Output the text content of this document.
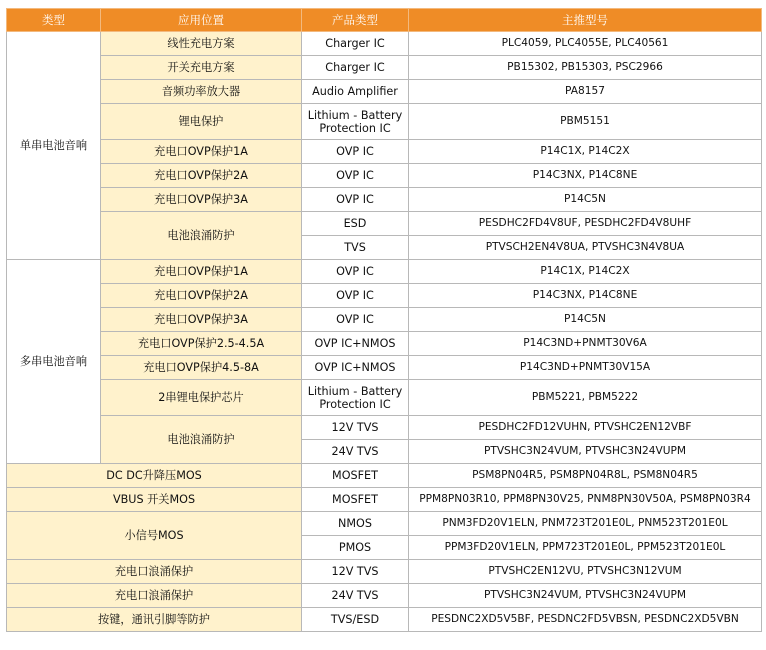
类型	应用位置	产品类型	主推型号
单串电池音响	线性充电方案	Charger IC	PLC4059, PLC4055E, PLC40561
	开关充电方案	Charger IC	PB15302, PB15303, PSC2966
	音频功率放大器	Audio Amplifier	PA8157
	锂电保护	Lithium - Battery Protection IC	PBM5151
	充电口OVP保护1A	OVP IC	P14C1X, P14C2X
	充电口OVP保护2A	OVP IC	P14C3NX, P14C8NE
	充电口OVP保护3A	OVP IC	P14C5N
	电池浪涌防护	ESD	PESDHC2FD4V8UF, PESDHC2FD4V8UHF
		TVS	PTVSCH2EN4V8UA, PTVSHC3N4V8UA
多串电池音响	充电口OVP保护1A	OVP IC	P14C1X, P14C2X
	充电口OVP保护2A	OVP IC	P14C3NX, P14C8NE
	充电口OVP保护3A	OVP IC	P14C5N
	充电口OVP保护2.5-4.5A	OVP IC+NMOS	P14C3ND+PNMT30V6A
	充电口OVP保护4.5-8A	OVP IC+NMOS	P14C3ND+PNMT30V15A
	2串锂电保护芯片	Lithium - Battery Protection IC	PBM5221, PBM5222
	电池浪涌防护	12V TVS	PESDHC2FD12VUHN, PTVSHC2EN12VBF
		24V TVS	PTVSHC3N24VUM, PTVSHC3N24VUPM
DC DC升降压MOS		MOSFET	PSM8PN04R5, PSM8PN04R8L, PSM8N04R5
VBUS 开关MOS		MOSFET	PPM8PN03R10, PPM8PN30V25, PNM8PN30V50A, PSM8PN03R4
小信号MOS		NMOS	PNM3FD20V1ELN, PNM723T201E0L, PNM523T201E0L
		PMOS	PPM3FD20V1ELN, PPM723T201E0L, PPM523T201E0L
充电口浪涌保护		12V TVS	PTVSHC2EN12VU, PTVSHC3N12VUM
充电口浪涌保护		24V TVS	PTVSHC3N24VUM, PTVSHC3N24VUPM
按键，通讯引脚等防护		TVS/ESD	PESDNC2XD5V5BF, PESDNC2FD5VBSN, PESDNC2XD5VBN
